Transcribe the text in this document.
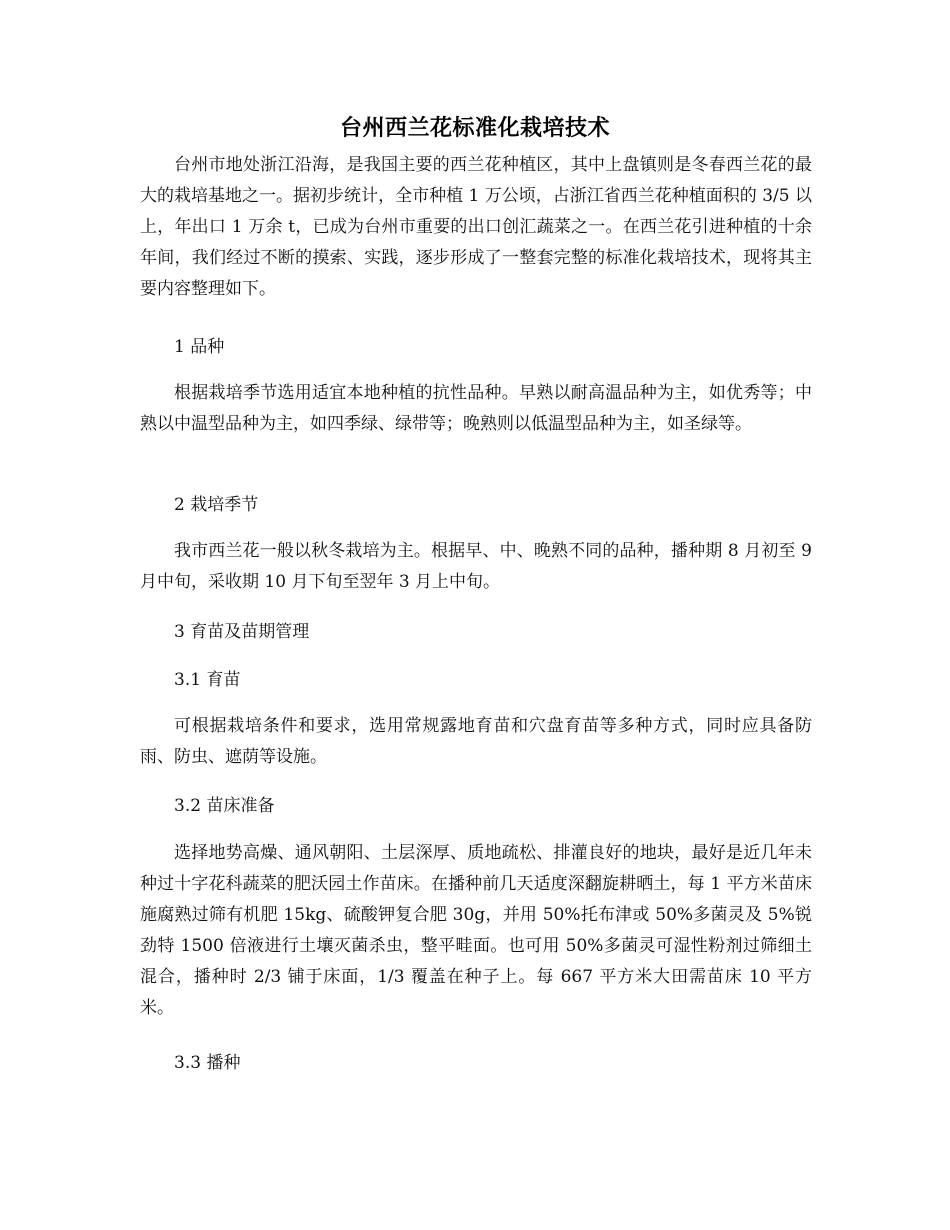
台州西兰花标准化栽培技术

台州市地处浙江沿海，是我国主要的西兰花种植区，其中上盘镇则是冬春西兰花的最大的栽培基地之一。据初步统计，全市种植 1 万公顷，占浙江省西兰花种植面积的 3/5 以上，年出口 1 万余 t，已成为台州市重要的出口创汇蔬菜之一。在西兰花引进种植的十余年间，我们经过不断的摸索、实践，逐步形成了一整套完整的标准化栽培技术，现将其主要内容整理如下。

1 品种

根据栽培季节选用适宜本地种植的抗性品种。早熟以耐高温品种为主，如优秀等；中熟以中温型品种为主，如四季绿、绿带等；晚熟则以低温型品种为主，如圣绿等。

2 栽培季节

我市西兰花一般以秋冬栽培为主。根据早、中、晚熟不同的品种，播种期 8 月初至 9 月中旬，采收期 10 月下旬至翌年 3 月上中旬。

3 育苗及苗期管理
3.1 育苗

可根据栽培条件和要求，选用常规露地育苗和穴盘育苗等多种方式，同时应具备防雨、防虫、遮荫等设施。

3.2 苗床准备

选择地势高燥、通风朝阳、土层深厚、质地疏松、排灌良好的地块，最好是近几年未种过十字花科蔬菜的肥沃园土作苗床。在播种前几天适度深翻旋耕晒土，每 1 平方米苗床施腐熟过筛有机肥 15kg、硫酸钾复合肥 30g，并用 50%托布津或 50%多菌灵及 5%锐劲特 1500 倍液进行土壤灭菌杀虫，整平畦面。也可用 50%多菌灵可湿性粉剂过筛细土混合，播种时 2/3 铺于床面，1/3 覆盖在种子上。每 667 平方米大田需苗床 10 平方米。

3.3 播种
